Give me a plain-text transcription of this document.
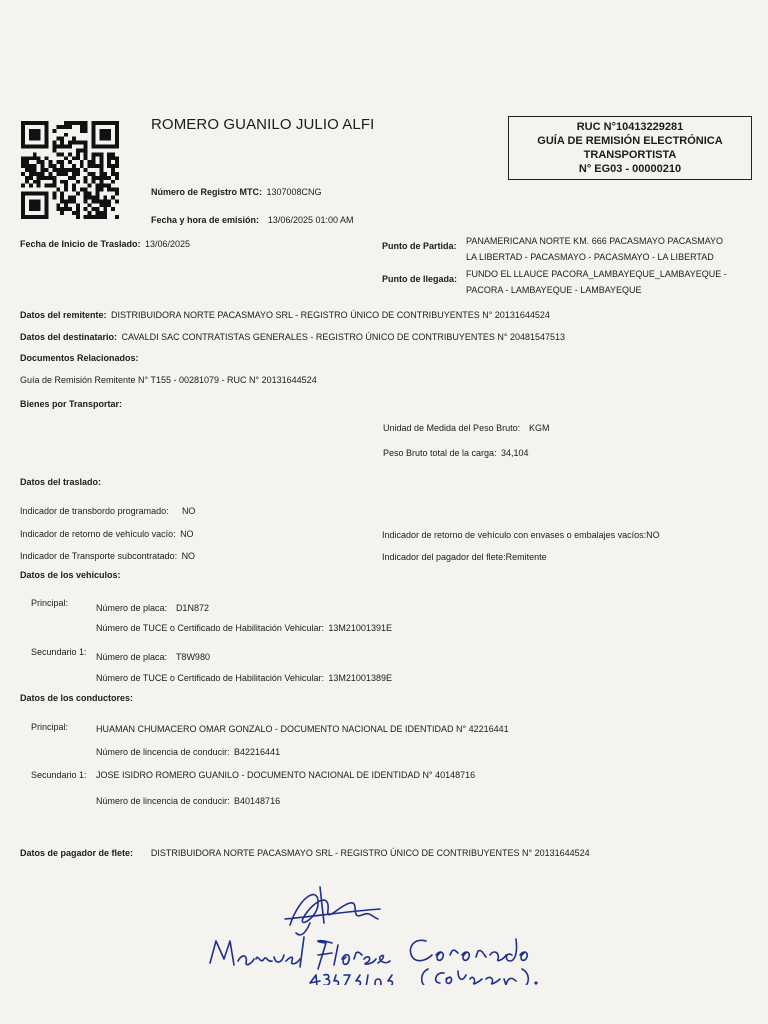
ROMERO GUANILO JULIO ALFI	RUC N°10413229281
GUÍA DE REMISIÓN ELECTRÓNICA
TRANSPORTISTA
N° EG03 - 00000210
Número de Registro MTC: 1307008CNG
Fecha y hora de emisión: 13/06/2025 01:00 AM
Fecha de Inicio de Traslado: 13/06/2025	Punto de Partida: PANAMERICANA NORTE KM. 666 PACASMAYO PACASMAYO
LA LIBERTAD - PACASMAYO - PACASMAYO - LA LIBERTAD
Punto de llegada: FUNDO EL LLAUCE PACORA_LAMBAYEQUE_LAMBAYEQUE -
PACORA - LAMBAYEQUE - LAMBAYEQUE
Datos del remitente: DISTRIBUIDORA NORTE PACASMAYO SRL - REGISTRO ÚNICO DE CONTRIBUYENTES N° 20131644524
Datos del destinatario: CAVALDI SAC CONTRATISTAS GENERALES - REGISTRO ÚNICO DE CONTRIBUYENTES N° 20481547513
Documentos Relacionados:
Guía de Remisión Remitente N° T155 - 00281079 - RUC N° 20131644524
Bienes por Transportar:
Unidad de Medida del Peso Bruto: KGM
Peso Bruto total de la carga: 34,104
Datos del traslado:
Indicador de transbordo programado: NO
Indicador de retorno de vehículo vacío: NO	Indicador de retorno de vehículo con envases o embalajes vacíos:NO
Indicador de Transporte subcontratado: NO	Indicador del pagador del flete:Remitente
Datos de los vehículos:
Principal:	Número de placa: D1N872
Número de TUCE o Certificado de Habilitación Vehicular: 13M21001391E
Secundario 1: Número de placa: T8W980
Número de TUCE o Certificado de Habilitación Vehicular: 13M21001389E
Datos de los conductores:
Principal:	HUAMAN CHUMACERO OMAR GONZALO - DOCUMENTO NACIONAL DE IDENTIDAD N° 42216441
Número de lincencia de conducir: B42216441
Secundario 1: JOSE ISIDRO ROMERO GUANILO - DOCUMENTO NACIONAL DE IDENTIDAD N° 40148716
Número de lincencia de conducir: B40148716
Datos de pagador de flete: DISTRIBUIDORA NORTE PACASMAYO SRL - REGISTRO ÚNICO DE CONTRIBUYENTES N° 20131644524
